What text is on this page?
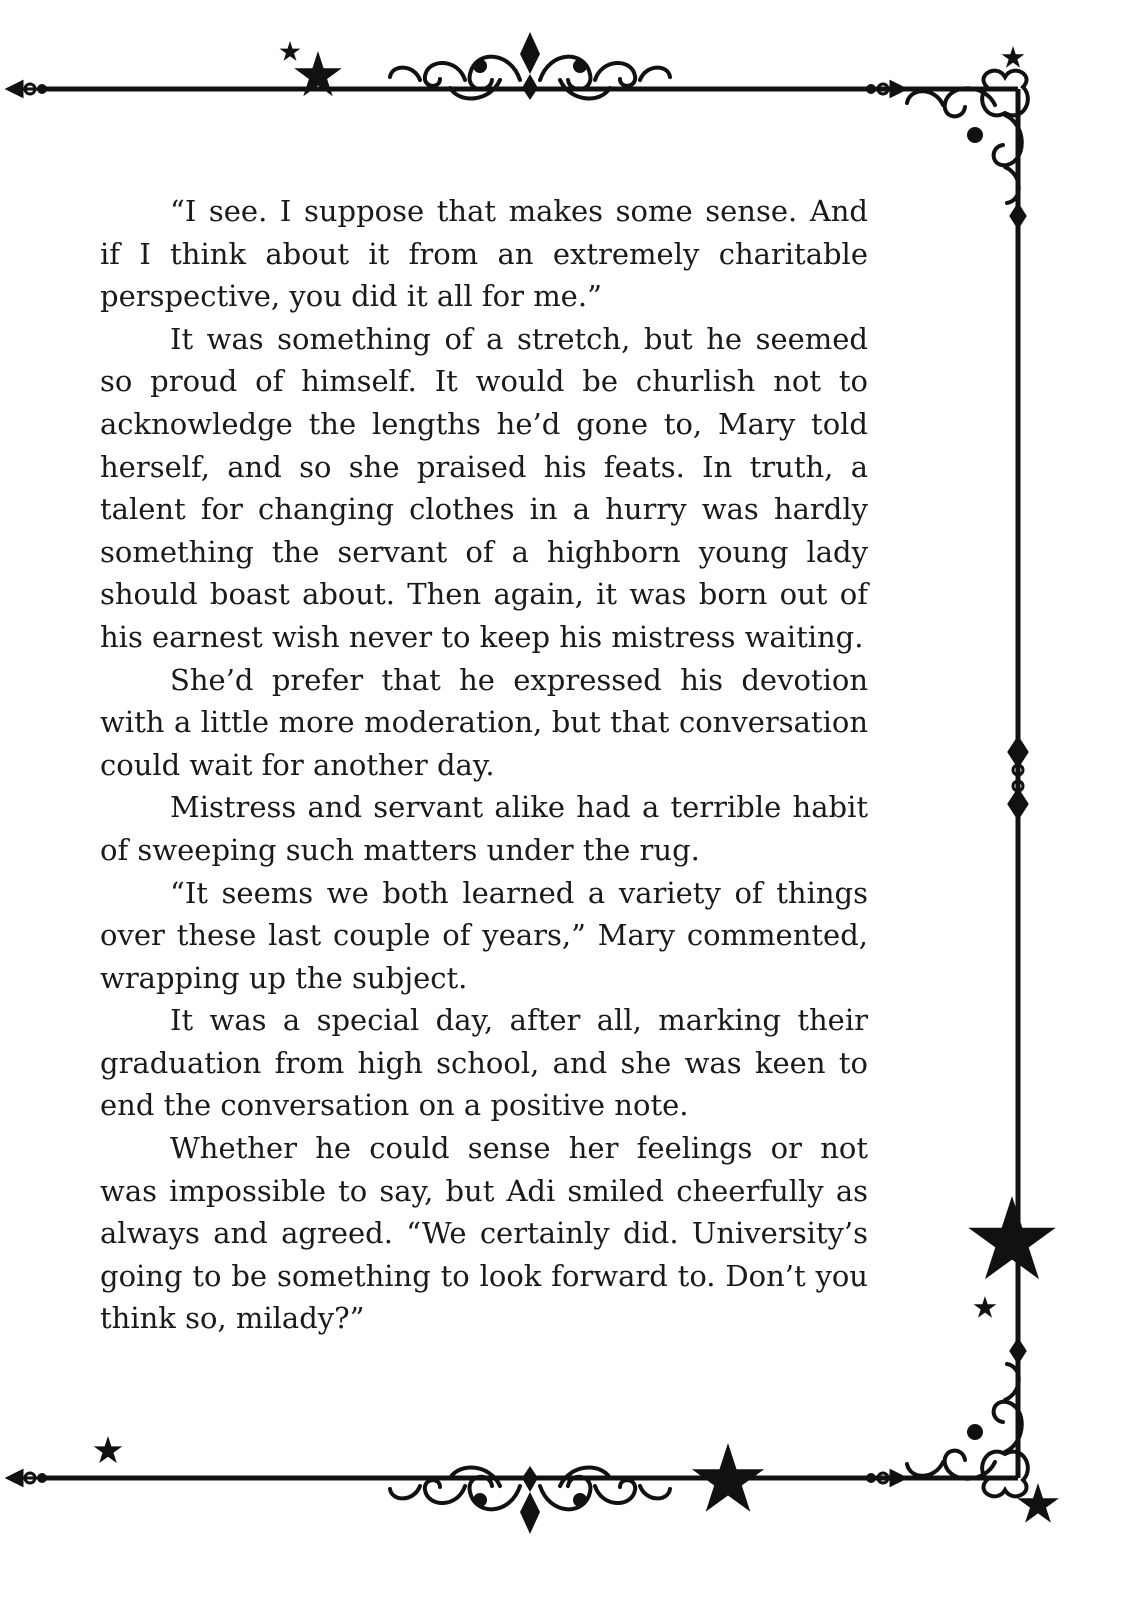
“I see. I suppose that makes some sense. And if I think about it from an extremely charitable perspective, you did it all for me.”

It was something of a stretch, but he seemed so proud of himself. It would be churlish not to acknowledge the lengths he’d gone to, Mary told herself, and so she praised his feats. In truth, a talent for changing clothes in a hurry was hardly something the servant of a highborn young lady should boast about. Then again, it was born out of his earnest wish never to keep his mistress waiting.

She’d prefer that he expressed his devotion with a little more moderation, but that conversation could wait for another day.

Mistress and servant alike had a terrible habit of sweeping such matters under the rug.

“It seems we both learned a variety of things over these last couple of years,” Mary commented, wrapping up the subject.

It was a special day, after all, marking their graduation from high school, and she was keen to end the conversation on a positive note.

Whether he could sense her feelings or not was impossible to say, but Adi smiled cheerfully as always and agreed. “We certainly did. University’s going to be something to look forward to. Don’t you think so, milady?”
